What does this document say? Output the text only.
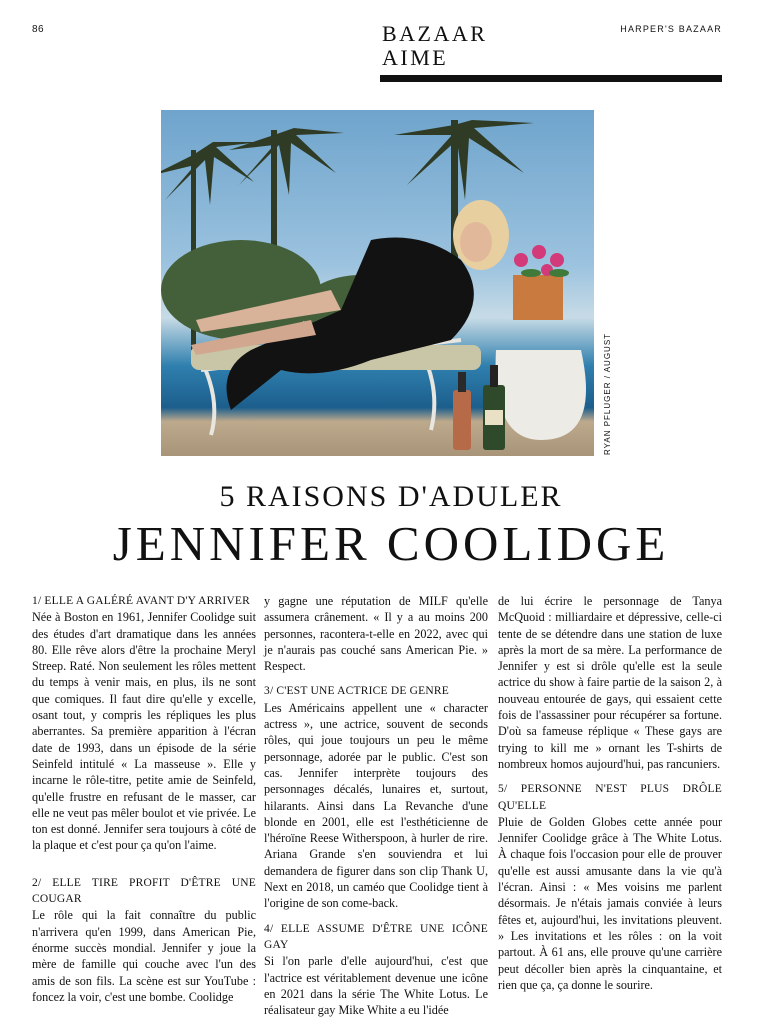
86	BAZAAR
AIME
HARPER'S BAZAAR
RYAN PFLUGER / AUGUST
5 RAISONS D'ADULER
JENNIFER COOLIDGE

1/ ELLE A GALÉRÉ AVANT D'Y ARRIVER
Née à Boston en 1961, Jennifer Coolidge suit des études d'art dramatique dans les années 80. Elle rêve alors d'être la prochaine Meryl Streep. Raté. Non seulement les rôles mettent du temps à venir mais, en plus, ils ne sont que comiques. Il faut dire qu'elle y excelle, osant tout, y compris les répliques les plus aberrantes. Sa première apparition à l'écran date de 1993, dans un épisode de la série Seinfeld intitulé « La masseuse ». Elle y incarne le rôle-titre, petite amie de Seinfeld, qu'elle frustre en refusant de le masser, car elle ne veut pas mêler boulot et vie privée. Le ton est donné. Jennifer sera toujours à côté de la plaque et c'est pour ça qu'on l'aime.

2/ ELLE TIRE PROFIT D'ÊTRE UNE COUGAR
Le rôle qui la fait connaître du public n'arrivera qu'en 1999, dans American Pie, énorme succès mondial. Jennifer y joue la mère de famille qui couche avec l'un des amis de son fils. La scène est sur YouTube : foncez la voir, c'est une bombe. Coolidge

y gagne une réputation de MILF qu'elle assumera crânement. « Il y a au moins 200 personnes, racontera-t-elle en 2022, avec qui je n'aurais pas couché sans American Pie. » Respect.

3/ C'EST UNE ACTRICE DE GENRE
Les Américains appellent une « character actress », une actrice, souvent de seconds rôles, qui joue toujours un peu le même personnage, adorée par le public. C'est son cas. Jennifer interprète toujours des personnages décalés, lunaires et, surtout, hilarants. Ainsi dans La Revanche d'une blonde en 2001, elle est l'esthéticienne de l'héroïne Reese Witherspoon, à hurler de rire. Ariana Grande s'en souviendra et lui demandera de figurer dans son clip Thank U, Next en 2018, un caméo que Coolidge tient à l'origine de son come-back.

4/ ELLE ASSUME D'ÊTRE UNE ICÔNE GAY
Si l'on parle d'elle aujourd'hui, c'est que l'actrice est véritablement devenue une icône en 2021 dans la série The White Lotus. Le réalisateur gay Mike White a eu l'idée

de lui écrire le personnage de Tanya McQuoid : milliardaire et dépressive, celle-ci tente de se détendre dans une station de luxe après la mort de sa mère. La performance de Jennifer y est si drôle qu'elle est la seule actrice du show à faire partie de la saison 2, à nouveau entourée de gays, qui essaient cette fois de l'assassiner pour récupérer sa fortune. D'où sa fameuse réplique « These gays are trying to kill me » ornant les T-shirts de nombreux homos aujourd'hui, pas rancuniers.

5/ PERSONNE N'EST PLUS DRÔLE QU'ELLE
Pluie de Golden Globes cette année pour Jennifer Coolidge grâce à The White Lotus. À chaque fois l'occasion pour elle de prouver qu'elle est aussi amusante dans la vie qu'à l'écran. Ainsi : « Mes voisins me parlent désormais. Je n'étais jamais conviée à leurs fêtes et, aujourd'hui, les invitations pleuvent. » Les invitations et les rôles : on la voit partout. À 61 ans, elle prouve qu'une carrière peut décoller bien après la cinquantaine, et rien que ça, ça donne le sourire.
